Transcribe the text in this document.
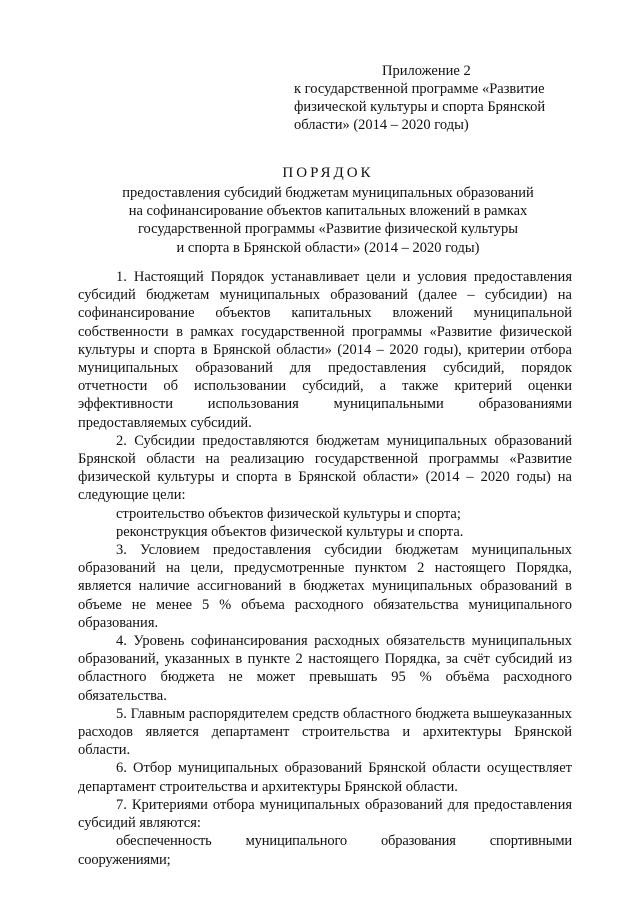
Приложение 2
к государственной программе «Развитие
физической культуры и спорта Брянской
области» (2014 – 2020 годы)
ПОРЯДОК
предоставления субсидий бюджетам муниципальных образований
на софинансирование объектов капитальных вложений в рамках
государственной программы «Развитие физической культуры
и спорта в Брянской области» (2014 – 2020 годы)

1. Настоящий Порядок устанавливает цели и условия предоставления субсидий бюджетам муниципальных образований (далее – субсидии) на софинансирование объектов капитальных вложений муниципальной собственности в рамках государственной программы «Развитие физической культуры и спорта в Брянской области» (2014 – 2020 годы), критерии отбора муниципальных образований для предоставления субсидий, порядок отчетности об использовании субсидий, а также критерий оценки эффективности использования муниципальными образованиями предоставляемых субсидий.

2. Субсидии предоставляются бюджетам муниципальных образований Брянской области на реализацию государственной программы «Развитие физической культуры и спорта в Брянской области» (2014 – 2020 годы) на следующие цели:

строительство объектов физической культуры и спорта;

реконструкция объектов физической культуры и спорта.

3. Условием предоставления субсидии бюджетам муниципальных образований на цели, предусмотренные пунктом 2 настоящего Порядка, является наличие ассигнований в бюджетах муниципальных образований в объеме не менее 5 % объема расходного обязательства муниципального образования.

4. Уровень софинансирования расходных обязательств муниципальных образований, указанных в пункте 2 настоящего Порядка, за счёт субсидий из областного бюджета не может превышать 95 % объёма расходного обязательства.

5. Главным распорядителем средств областного бюджета вышеуказанных расходов является департамент строительства и архитектуры Брянской области.

6. Отбор муниципальных образований Брянской области осуществляет департамент строительства и архитектуры Брянской области.

7. Критериями отбора муниципальных образований для предоставления субсидий являются:

обеспеченность муниципального образования спортивными сооружениями;
